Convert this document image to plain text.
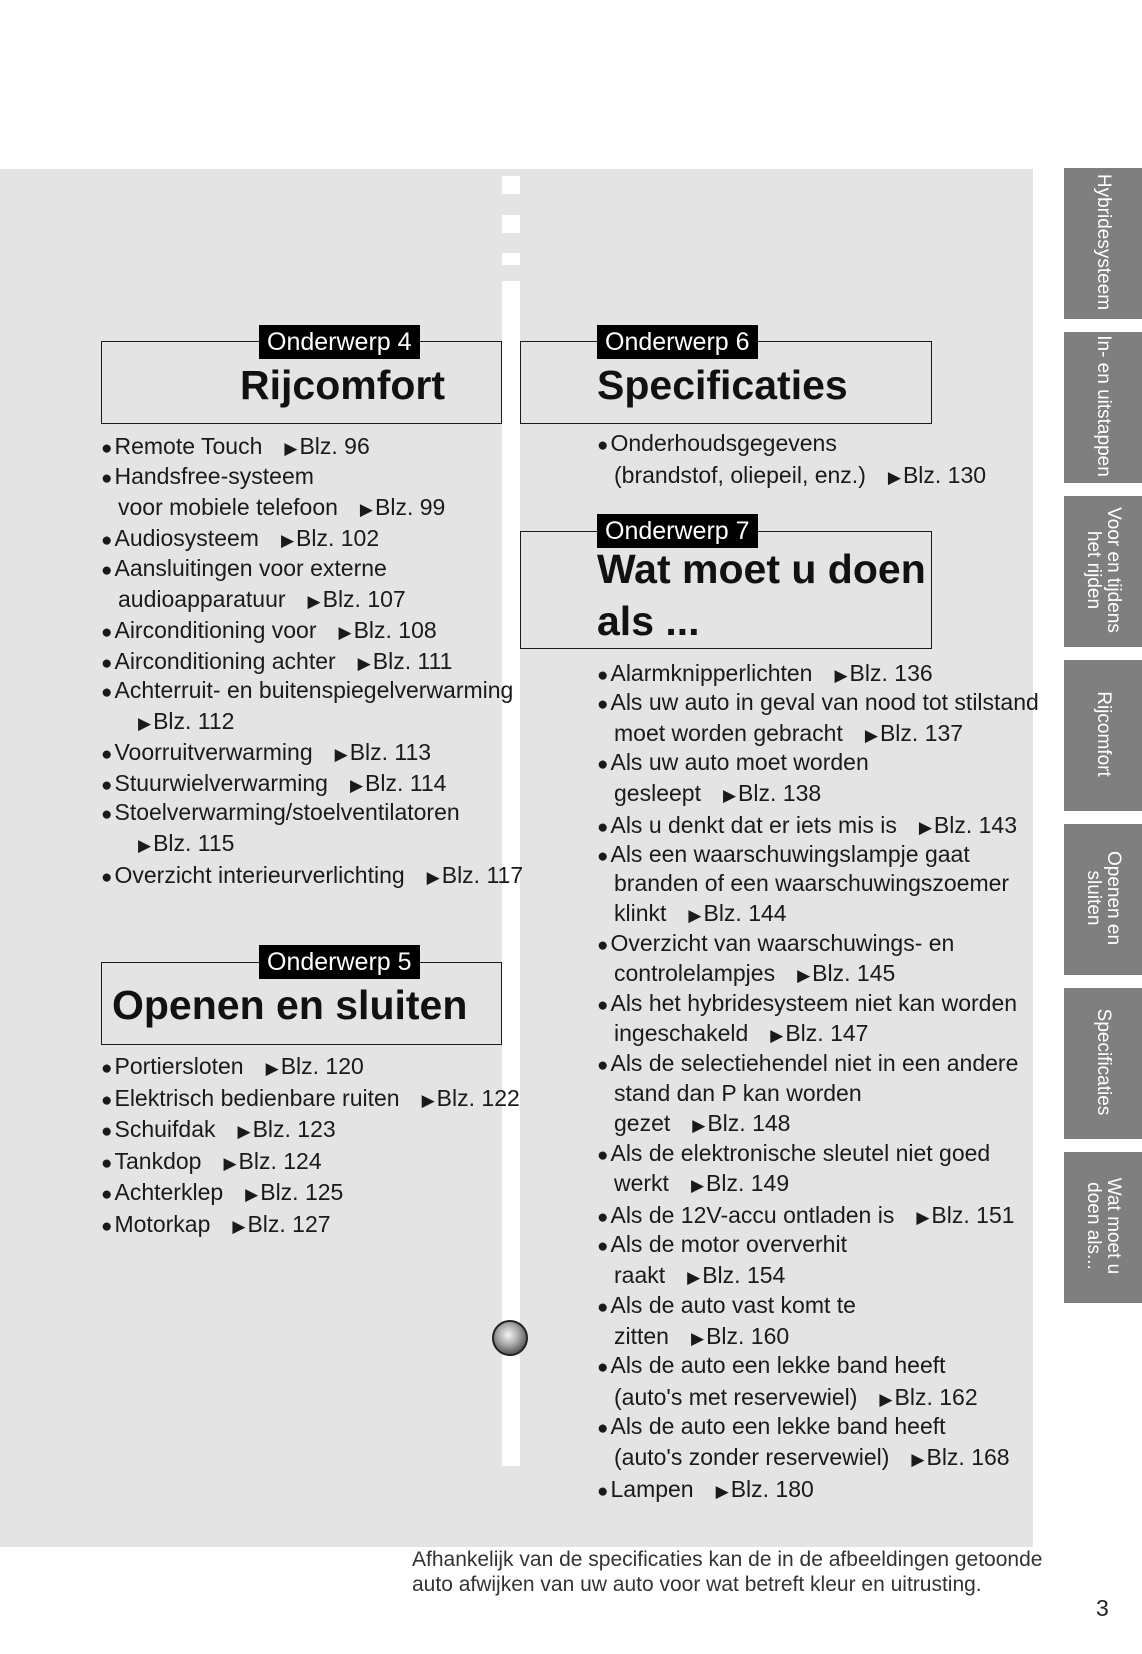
Onderwerp 4
Rijcomfort
●Remote Touch ▶Blz. 96
●Handsfree-systeem
voor mobiele telefoon ▶Blz. 99
●Audiosysteem ▶Blz. 102
●Aansluitingen voor externe
audioapparatuur ▶Blz. 107
●Airconditioning voor ▶Blz. 108
●Airconditioning achter ▶Blz. 111
●Achterruit- en buitenspiegelverwarming
▶Blz. 112
●Voorruitverwarming ▶Blz. 113
●Stuurwielverwarming ▶Blz. 114
●Stoelverwarming/stoelventilatoren
▶Blz. 115
●Overzicht interieurverlichting ▶Blz. 117
Onderwerp 5
Openen en sluiten
●Portiersloten ▶Blz. 120
●Elektrisch bedienbare ruiten ▶Blz. 122
●Schuifdak ▶Blz. 123
●Tankdop ▶Blz. 124
●Achterklep ▶Blz. 125
●Motorkap ▶Blz. 127
Onderwerp 6
Specificaties
●Onderhoudsgegevens
(brandstof, oliepeil, enz.) ▶Blz. 130
Onderwerp 7
Wat moet u doen
als ...
●Alarmknipperlichten ▶Blz. 136
●Als uw auto in geval van nood tot stilstand
moet worden gebracht ▶Blz. 137
●Als uw auto moet worden
gesleept ▶Blz. 138
●Als u denkt dat er iets mis is ▶Blz. 143
●Als een waarschuwingslampje gaat
branden of een waarschuwingszoemer
klinkt ▶Blz. 144
●Overzicht van waarschuwings- en
controlelampjes ▶Blz. 145
●Als het hybridesysteem niet kan worden
ingeschakeld ▶Blz. 147
●Als de selectiehendel niet in een andere
stand dan P kan worden
gezet ▶Blz. 148
●Als de elektronische sleutel niet goed
werkt ▶Blz. 149
●Als de 12V-accu ontladen is ▶Blz. 151
●Als de motor oververhit
raakt ▶Blz. 154
●Als de auto vast komt te
zitten ▶Blz. 160
●Als de auto een lekke band heeft
(auto's met reservewiel) ▶Blz. 162
●Als de auto een lekke band heeft
(auto's zonder reservewiel) ▶Blz. 168
●Lampen ▶Blz. 180
Hybridesysteem
In- en uitstappen
Voor en tijdens
het rijden
Rijcomfort
Openen en
sluiten
Specificaties
Wat moet u
doen als...
Afhankelijk van de specificaties kan de in de afbeeldingen getoonde
auto afwijken van uw auto voor wat betreft kleur en uitrusting.
3
